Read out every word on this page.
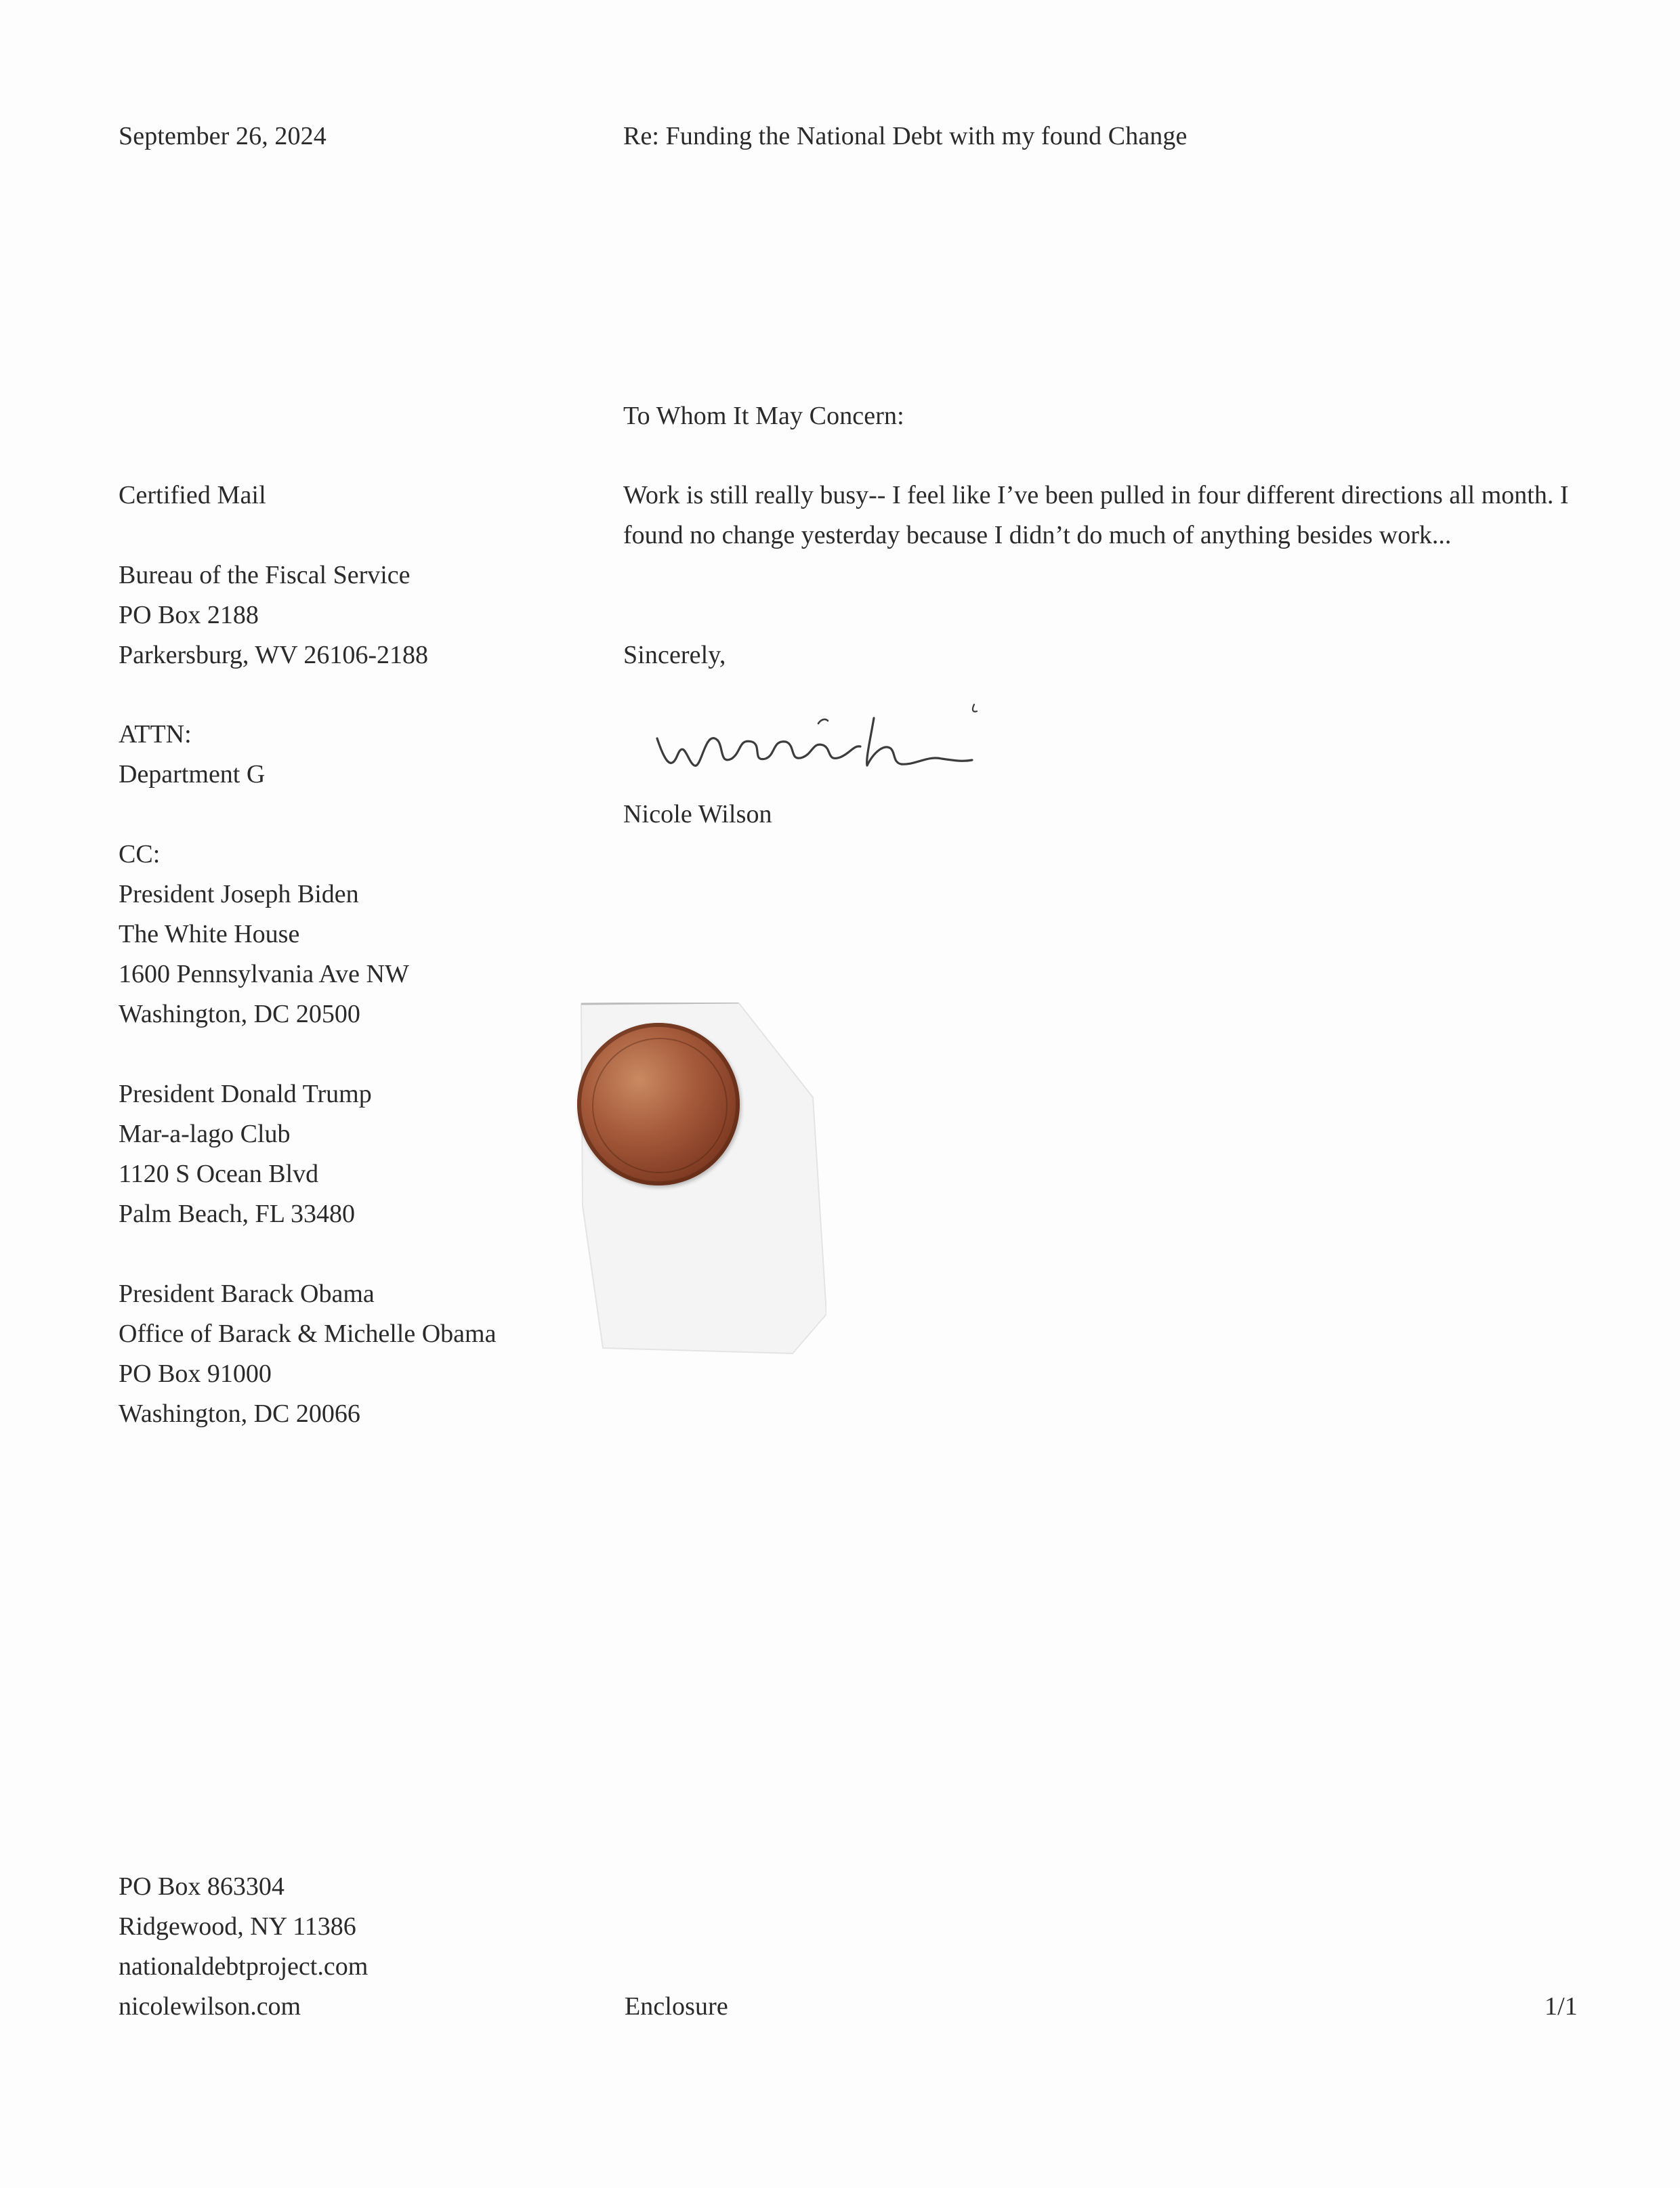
September 26, 2024	Re: Funding the National Debt with my found Change
To Whom It May Concern:
Certified Mail
Bureau of the Fiscal Service
PO Box 2188
Parkersburg, WV 26106-2188
ATTN:
Department G
CC:
President Joseph Biden
The White House
1600 Pennsylvania Ave NW
Washington, DC 20500
President Donald Trump
Mar-a-lago Club
1120 S Ocean Blvd
Palm Beach, FL 33480
President Barack Obama
Office of Barack & Michelle Obama
PO Box 91000
Washington, DC 20066
Work is still really busy-- I feel like I’ve been pulled in four different directions all month. I found no change yesterday because I didn’t do much of anything besides work...
Sincerely,
Nicole Wilson
PO Box 863304
Ridgewood, NY 11386
nationaldebtproject.com
nicolewilson.com	Enclosure	1/1
